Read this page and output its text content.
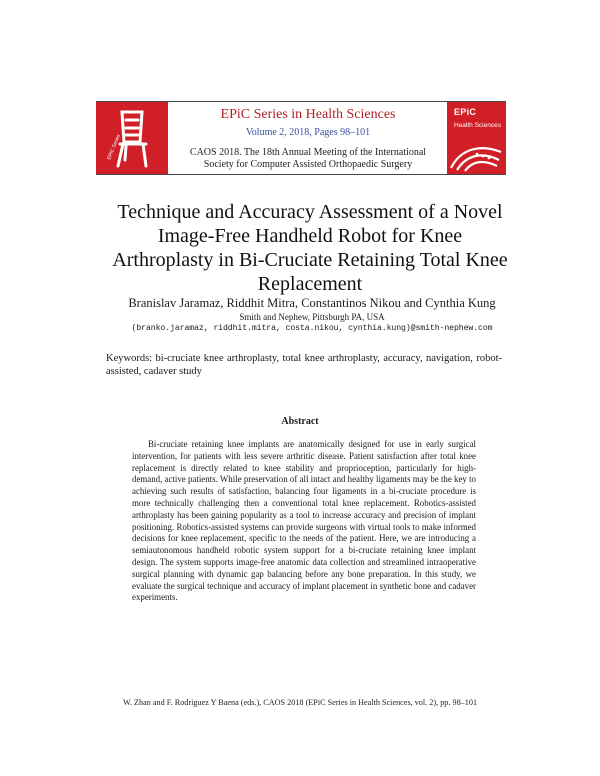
EPiC Series
EPiC
Health Sciences
EPiC Series in Health Sciences
Volume 2, 2018, Pages 98–101
CAOS 2018. The 18th Annual Meeting of the International
Society for Computer Assisted Orthopaedic Surgery
Technique and Accuracy Assessment of a Novel Image-Free Handheld Robot for Knee Arthroplasty in Bi-Cruciate Retaining Total Knee Replacement
Branislav Jaramaz, Riddhit Mitra, Constantinos Nikou and Cynthia Kung
Smith and Nephew, Pittsburgh PA, USA
(branko.jaramaz, riddhit.mitra, costa.nikou, cynthia.kung)@smith-nephew.com
Keywords: bi-cruciate knee arthroplasty, total knee arthroplasty, accuracy, navigation, robot-assisted, cadaver study
Abstract
Bi-cruciate retaining knee implants are anatomically designed for use in early surgical intervention, for patients with less severe arthritic disease. Patient satisfaction after total knee replacement is directly related to knee stability and proprioception, particularly for high-demand, active patients. While preservation of all intact and healthy ligaments may be the key to achieving such results of satisfaction, balancing four ligaments in a bi-cruciate procedure is more technically challenging then a conventional total knee replacement. Robotics-assisted arthroplasty has been gaining popularity as a tool to increase accuracy and precision of implant positioning. Robotics-assisted systems can provide surgeons with virtual tools to make informed decisions for knee replacement, specific to the needs of the patient. Here, we are introducing a semiautonomous handheld robotic system support for a bi-cruciate retaining knee implant design. The system supports image-free anatomic data collection and streamlined intraoperative surgical planning with dynamic gap balancing before any bone preparation. In this study, we evaluate the surgical technique and accuracy of implant placement in synthetic bone and cadaver experiments.
W. Zhan and F. Rodriguez Y Baena (eds.), CAOS 2018 (EPiC Series in Health Sciences, vol. 2), pp. 98–101
